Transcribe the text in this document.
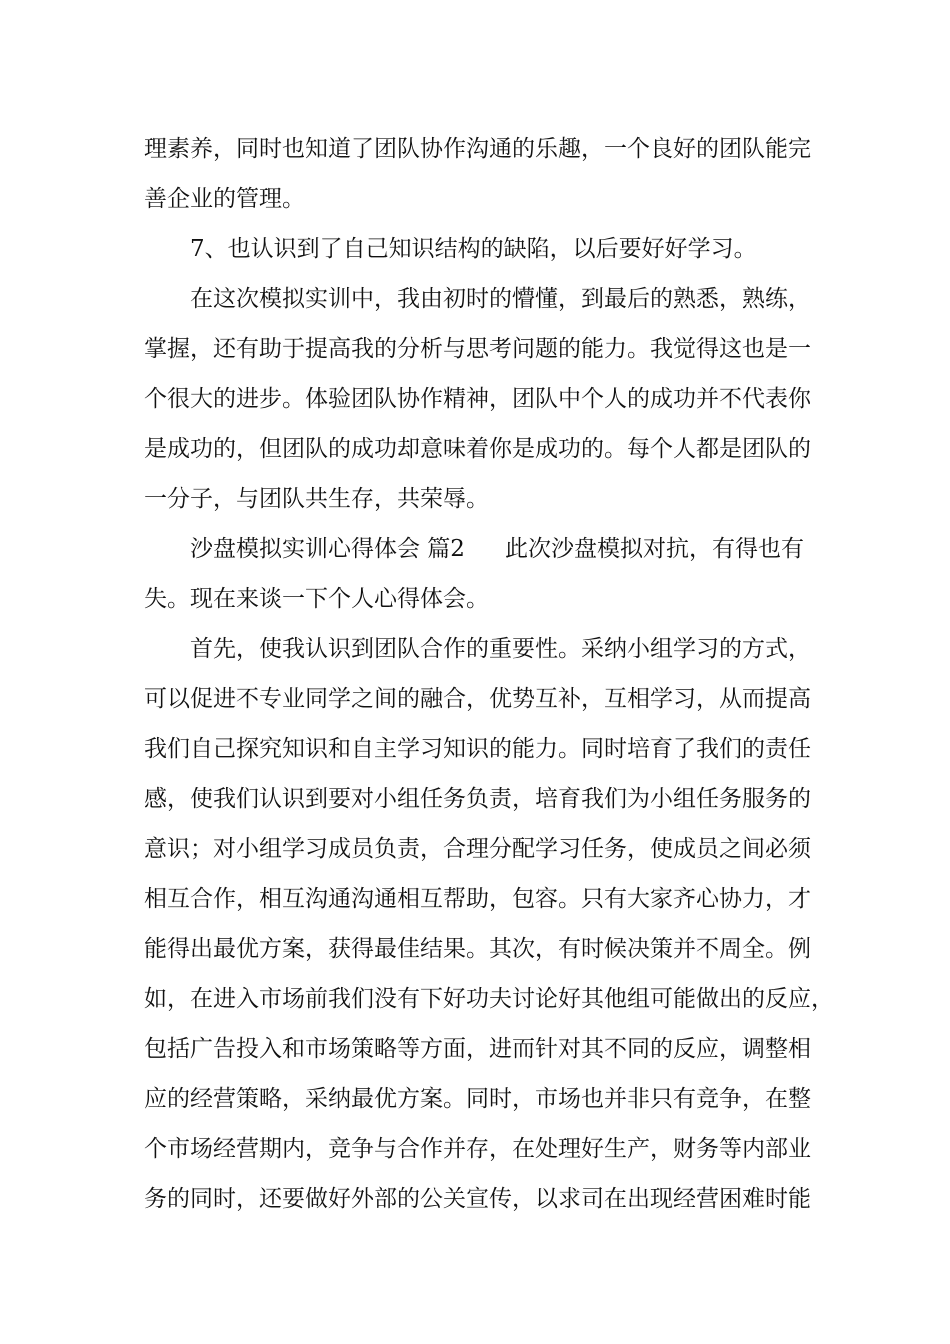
理素养，同时也知道了团队协作沟通的乐趣，一个良好的团队能完
善企业的管理。
7、也认识到了自己知识结构的缺陷，以后要好好学习。
在这次模拟实训中，我由初时的懵懂，到最后的熟悉，熟练，
掌握，还有助于提高我的分析与思考问题的能力。我觉得这也是一
个很大的进步。体验团队协作精神，团队中个人的成功并不代表你
是成功的，但团队的成功却意味着你是成功的。每个人都是团队的
一分子，与团队共生存，共荣辱。
沙盘模拟实训心得体会 篇2 此次沙盘模拟对抗，有得也有
失。现在来谈一下个人心得体会。
首先，使我认识到团队合作的重要性。采纳小组学习的方式，
可以促进不专业同学之间的融合，优势互补，互相学习，从而提高
我们自己探究知识和自主学习知识的能力。同时培育了我们的责任
感，使我们认识到要对小组任务负责，培育我们为小组任务服务的
意识；对小组学习成员负责，合理分配学习任务，使成员之间必须
相互合作，相互沟通沟通相互帮助，包容。只有大家齐心协力，才
能得出最优方案，获得最佳结果。其次，有时候决策并不周全。例
如，在进入市场前我们没有下好功夫讨论好其他组可能做出的反应，
包括广告投入和市场策略等方面，进而针对其不同的反应，调整相
应的经营策略，采纳最优方案。同时，市场也并非只有竞争，在整
个市场经营期内，竞争与合作并存，在处理好生产，财务等内部业
务的同时，还要做好外部的公关宣传，以求司在出现经营困难时能
